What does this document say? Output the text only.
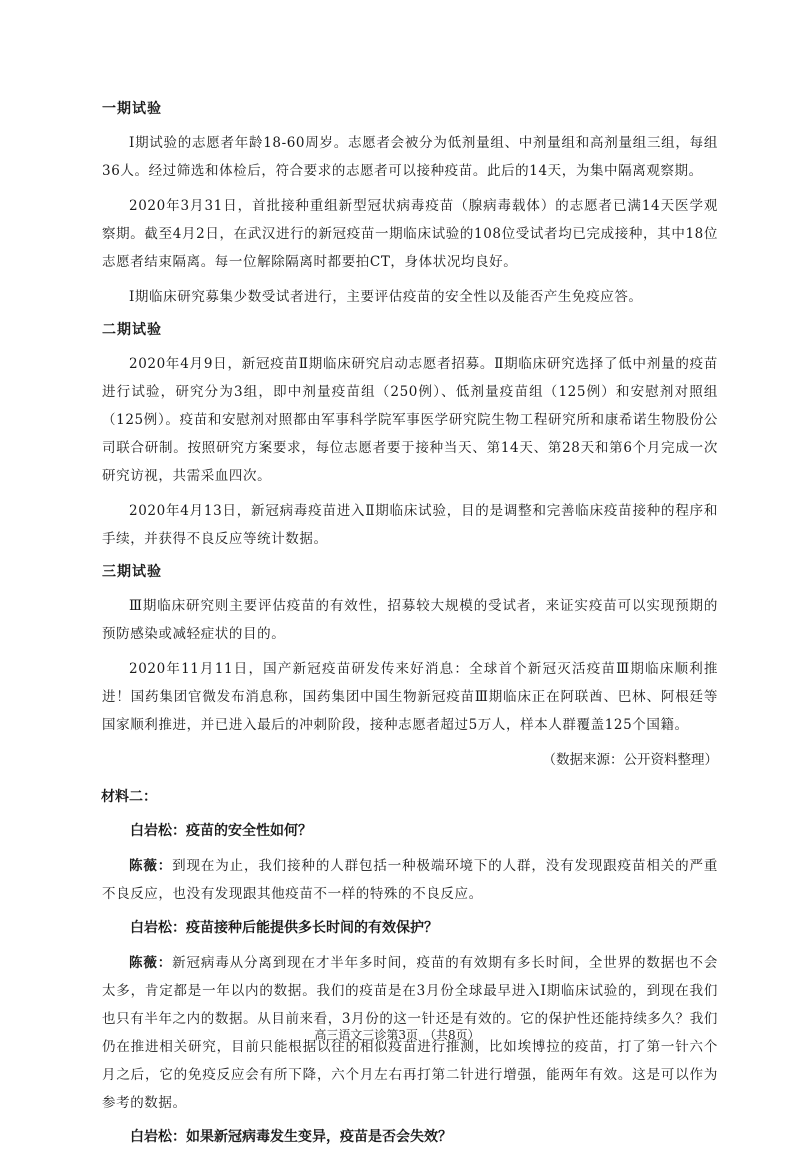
一期试验

Ⅰ期试验的志愿者年龄18-60周岁。志愿者会被分为低剂量组、中剂量组和高剂量组三组，每组36人。经过筛选和体检后，符合要求的志愿者可以接种疫苗。此后的14天，为集中隔离观察期。

2020年3月31日，首批接种重组新型冠状病毒疫苗（腺病毒载体）的志愿者已满14天医学观察期。截至4月2日，在武汉进行的新冠疫苗一期临床试验的108位受试者均已完成接种，其中18位志愿者结束隔离。每一位解除隔离时都要拍CT，身体状况均良好。

Ⅰ期临床研究募集少数受试者进行，主要评估疫苗的安全性以及能否产生免疫应答。

二期试验

2020年4月9日，新冠疫苗Ⅱ期临床研究启动志愿者招募。Ⅱ期临床研究选择了低中剂量的疫苗进行试验，研究分为3组，即中剂量疫苗组（250例）、低剂量疫苗组（125例）和安慰剂对照组（125例）。疫苗和安慰剂对照都由军事科学院军事医学研究院生物工程研究所和康希诺生物股份公司联合研制。按照研究方案要求，每位志愿者要于接种当天、第14天、第28天和第6个月完成一次研究访视，共需采血四次。

2020年4月13日，新冠病毒疫苗进入Ⅱ期临床试验，目的是调整和完善临床疫苗接种的程序和手续，并获得不良反应等统计数据。

三期试验

Ⅲ期临床研究则主要评估疫苗的有效性，招募较大规模的受试者，来证实疫苗可以实现预期的预防感染或减轻症状的目的。

2020年11月11日，国产新冠疫苗研发传来好消息：全球首个新冠灭活疫苗Ⅲ期临床顺利推进！国药集团官微发布消息称，国药集团中国生物新冠疫苗Ⅲ期临床正在阿联酋、巴林、阿根廷等国家顺利推进，并已进入最后的冲刺阶段，接种志愿者超过5万人，样本人群覆盖125个国籍。

（数据来源：公开资料整理）
材料二：
白岩松：疫苗的安全性如何？

陈薇：到现在为止，我们接种的人群包括一种极端环境下的人群，没有发现跟疫苗相关的严重不良反应，也没有发现跟其他疫苗不一样的特殊的不良反应。

白岩松：疫苗接种后能提供多长时间的有效保护？

陈薇：新冠病毒从分离到现在才半年多时间，疫苗的有效期有多长时间，全世界的数据也不会太多，肯定都是一年以内的数据。我们的疫苗是在3月份全球最早进入Ⅰ期临床试验的，到现在我们也只有半年之内的数据。从目前来看，3月份的这一针还是有效的。它的保护性还能持续多久？我们仍在推进相关研究，目前只能根据以往的相似疫苗进行推测，比如埃博拉的疫苗，打了第一针六个月之后，它的免疫反应会有所下降，六个月左右再打第二针进行增强，能两年有效。这是可以作为参考的数据。

白岩松：如果新冠病毒发生变异，疫苗是否会失效？
高三语文三诊第3页　（共8页）
